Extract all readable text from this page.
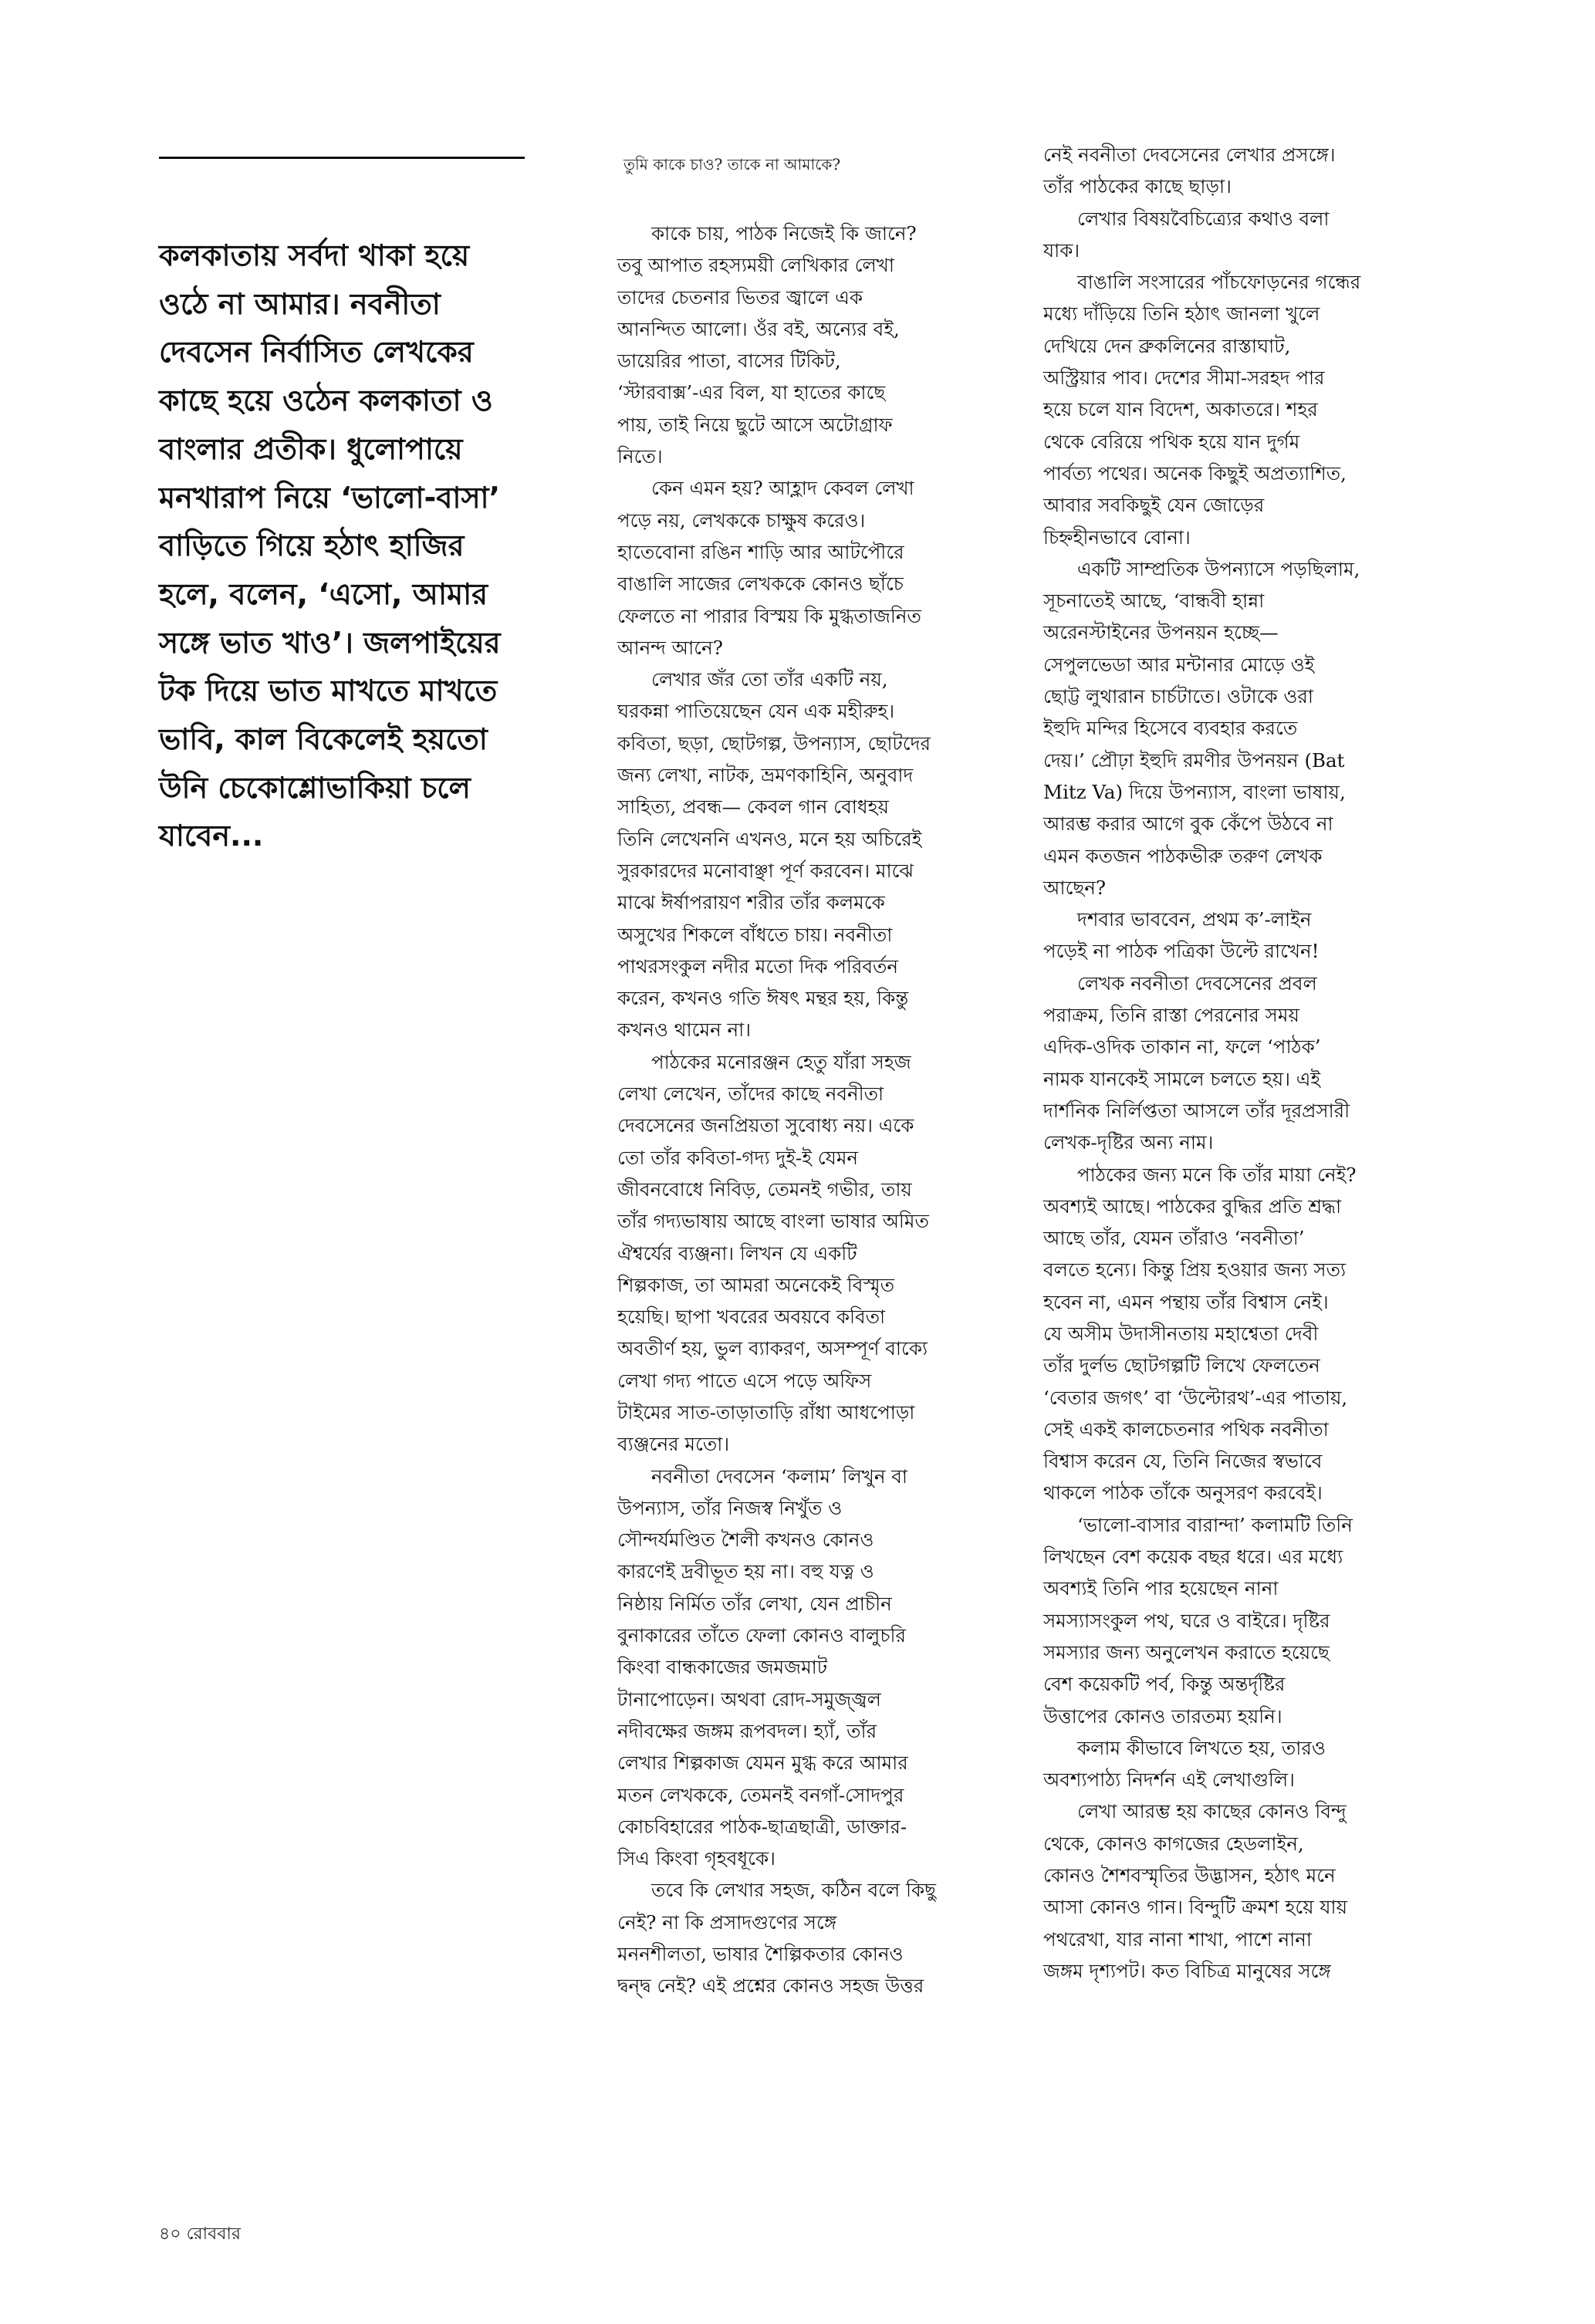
কলকাতায় সর্বদা থাকা হয়ে
ওঠে না আমার। নবনীতা
দেবসেন নির্বাসিত লেখকের
কাছে হয়ে ওঠেন কলকাতা ও
বাংলার প্রতীক। ধুলোপায়ে
মনখারাপ নিয়ে ‘ভালো-বাসা’
বাড়িতে গিয়ে হঠাৎ হাজির
হলে, বলেন, ‘এসো, আমার
সঙ্গে ভাত খাও’। জলপাইয়ের
টক দিয়ে ভাত মাখতে মাখতে
ভাবি, কাল বিকেলেই হয়তো
উনি চেকোশ্লোভাকিয়া চলে
যাবেন...
তুমি কাকে চাও? তাকে না আমাকে?
কাকে চায়, পাঠক নিজেই কি জানে?
তবু আপাত রহস্যময়ী লেখিকার লেখা
তাদের চেতনার ভিতর জ্বালে এক
আনন্দিত আলো। ওঁর বই, অন্যের বই,
ডায়েরির পাতা, বাসের টিকিট,
‘স্টারবাক্স’-এর বিল, যা হাতের কাছে
পায়, তাই নিয়ে ছুটে আসে অটোগ্রাফ
নিতে।
কেন এমন হয়? আহ্লাদ কেবল লেখা
পড়ে নয়, লেখককে চাক্ষুষ করেও।
হাতেবোনা রঙিন শাড়ি আর আটপৌরে
বাঙালি সাজের লেখককে কোনও ছাঁচে
ফেলতে না পারার বিস্ময় কি মুগ্ধতাজনিত
আনন্দ আনে?
লেখার জঁর তো তাঁর একটি নয়,
ঘরকন্না পাতিয়েছেন যেন এক মহীরুহ।
কবিতা, ছড়া, ছোটগল্প, উপন্যাস, ছোটদের
জন্য লেখা, নাটক, ভ্রমণকাহিনি, অনুবাদ
সাহিত্য, প্রবন্ধ— কেবল গান বোধহয়
তিনি লেখেননি এখনও, মনে হয় অচিরেই
সুরকারদের মনোবাঞ্ছা পূর্ণ করবেন। মাঝে
মাঝে ঈর্ষাপরায়ণ শরীর তাঁর কলমকে
অসুখের শিকলে বাঁধতে চায়। নবনীতা
পাথরসংকুল নদীর মতো দিক পরিবর্তন
করেন, কখনও গতি ঈষৎ মন্থর হয়, কিন্তু
কখনও থামেন না।
পাঠকের মনোরঞ্জন হেতু যাঁরা সহজ
লেখা লেখেন, তাঁদের কাছে নবনীতা
দেবসেনের জনপ্রিয়তা সুবোধ্য নয়। একে
তো তাঁর কবিতা-গদ্য দুই-ই যেমন
জীবনবোধে নিবিড়, তেমনই গভীর, তায়
তাঁর গদ্যভাষায় আছে বাংলা ভাষার অমিত
ঐশ্বর্যের ব্যঞ্জনা। লিখন যে একটি
শিল্পকাজ, তা আমরা অনেকেই বিস্মৃত
হয়েছি। ছাপা খবরের অবয়বে কবিতা
অবতীর্ণ হয়, ভুল ব্যাকরণ, অসম্পূর্ণ বাক্যে
লেখা গদ্য পাতে এসে পড়ে অফিস
টাইমের সাত-তাড়াতাড়ি রাঁধা আধপোড়া
ব্যঞ্জনের মতো।
নবনীতা দেবসেন ‘কলাম’ লিখুন বা
উপন্যাস, তাঁর নিজস্ব নিখুঁত ও
সৌন্দর্যমণ্ডিত শৈলী কখনও কোনও
কারণেই দ্রবীভূত হয় না। বহু যত্ন ও
নিষ্ঠায় নির্মিত তাঁর লেখা, যেন প্রাচীন
বুনাকারের তাঁতে ফেলা কোনও বালুচরি
কিংবা বান্ধকাজের জমজমাট
টানাপোড়েন। অথবা রোদ-সমুজ্জ্বল
নদীবক্ষের জঙ্গম রূপবদল। হ্যাঁ, তাঁর
লেখার শিল্পকাজ যেমন মুগ্ধ করে আমার
মতন লেখককে, তেমনই বনগাঁ-সোদপুর
কোচবিহারের পাঠক-ছাত্রছাত্রী, ডাক্তার-
সিএ কিংবা গৃহবধূকে।
তবে কি লেখার সহজ, কঠিন বলে কিছু
নেই? না কি প্রসাদগুণের সঙ্গে
মননশীলতা, ভাষার শৈল্পিকতার কোনও
দ্বন্দ্ব নেই? এই প্রশ্নের কোনও সহজ উত্তর
নেই নবনীতা দেবসেনের লেখার প্রসঙ্গে।
তাঁর পাঠকের কাছে ছাড়া।
লেখার বিষয়বৈচিত্র্যের কথাও বলা
যাক।
বাঙালি সংসারের পাঁচফোড়নের গন্ধের
মধ্যে দাঁড়িয়ে তিনি হঠাৎ জানলা খুলে
দেখিয়ে দেন ব্রুকলিনের রাস্তাঘাট,
অস্ট্রিয়ার পাব। দেশের সীমা-সরহদ পার
হয়ে চলে যান বিদেশ, অকাতরে। শহর
থেকে বেরিয়ে পথিক হয়ে যান দুর্গম
পার্বত্য পথের। অনেক কিছুই অপ্রত্যাশিত,
আবার সবকিছুই যেন জোড়ের
চিহ্নহীনভাবে বোনা।
একটি সাম্প্রতিক উপন্যাসে পড়ছিলাম,
সূচনাতেই আছে, ‘বান্ধবী হান্না
অরেনস্টাইনের উপনয়ন হচ্ছে—
সেপুলভেডা আর মন্টানার মোড়ে ওই
ছোট্ট লুথারান চার্চটাতে। ওটাকে ওরা
ইহুদি মন্দির হিসেবে ব্যবহার করতে
দেয়।’ প্রৌঢ়া ইহুদি রমণীর উপনয়ন (Bat
Mitz Va) দিয়ে উপন্যাস, বাংলা ভাষায়,
আরম্ভ করার আগে বুক কেঁপে উঠবে না
এমন কতজন পাঠকভীরু তরুণ লেখক
আছেন?
দশবার ভাববেন, প্রথম ক’-লাইন
পড়েই না পাঠক পত্রিকা উল্টে রাখেন!
লেখক নবনীতা দেবসেনের প্রবল
পরাক্রম, তিনি রাস্তা পেরনোর সময়
এদিক-ওদিক তাকান না, ফলে ‘পাঠক’
নামক যানকেই সামলে চলতে হয়। এই
দার্শনিক নির্লিপ্ততা আসলে তাঁর দূরপ্রসারী
লেখক-দৃষ্টির অন্য নাম।
পাঠকের জন্য মনে কি তাঁর মায়া নেই?
অবশ্যই আছে। পাঠকের বুদ্ধির প্রতি শ্রদ্ধা
আছে তাঁর, যেমন তাঁরাও ‘নবনীতা’
বলতে হন্যে। কিন্তু প্রিয় হওয়ার জন্য সত্য
হবেন না, এমন পন্থায় তাঁর বিশ্বাস নেই।
যে অসীম উদাসীনতায় মহাশ্বেতা দেবী
তাঁর দুর্লভ ছোটগল্পটি লিখে ফেলতেন
‘বেতার জগৎ’ বা ‘উল্টোরথ’-এর পাতায়,
সেই একই কালচেতনার পথিক নবনীতা
বিশ্বাস করেন যে, তিনি নিজের স্বভাবে
থাকলে পাঠক তাঁকে অনুসরণ করবেই।
‘ভালো-বাসার বারান্দা’ কলামটি তিনি
লিখছেন বেশ কয়েক বছর ধরে। এর মধ্যে
অবশ্যই তিনি পার হয়েছেন নানা
সমস্যাসংকুল পথ, ঘরে ও বাইরে। দৃষ্টির
সমস্যার জন্য অনুলেখন করাতে হয়েছে
বেশ কয়েকটি পর্ব, কিন্তু অন্তর্দৃষ্টির
উত্তাপের কোনও তারতম্য হয়নি।
কলাম কীভাবে লিখতে হয়, তারও
অবশ্যপাঠ্য নিদর্শন এই লেখাগুলি।
লেখা আরম্ভ হয় কাছের কোনও বিন্দু
থেকে, কোনও কাগজের হেডলাইন,
কোনও শৈশবস্মৃতির উদ্ভাসন, হঠাৎ মনে
আসা কোনও গান। বিন্দুটি ক্রমশ হয়ে যায়
পথরেখা, যার নানা শাখা, পাশে নানা
জঙ্গম দৃশ্যপট। কত বিচিত্র মানুষের সঙ্গে
৪০ রোববার
